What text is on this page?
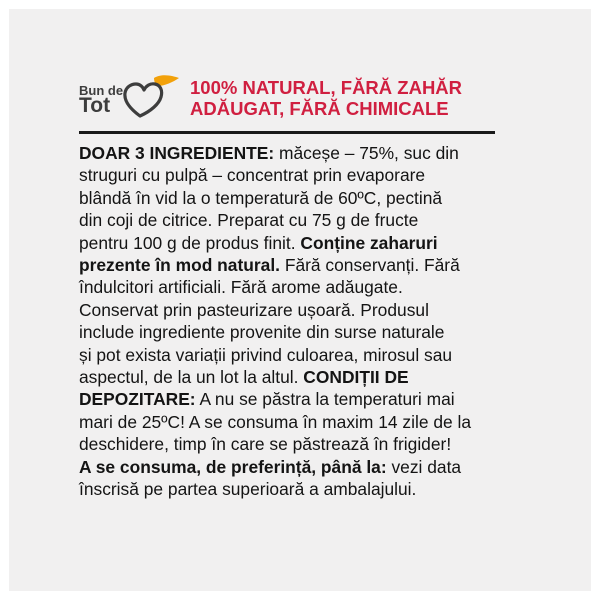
Bun de
Tot
100% NATURAL, FĂRĂ ZAHĂR
ADĂUGAT, FĂRĂ CHIMICALE
DOAR 3 INGREDIENTE: măceșe – 75%, suc din
struguri cu pulpă – concentrat prin evaporare
blândă în vid la o temperatură de 60ºC, pectină
din coji de citrice. Preparat cu 75 g de fructe
pentru 100 g de produs finit. Conține zaharuri
prezente în mod natural. Fără conservanți. Fără
îndulcitori artificiali. Fără arome adăugate.
Conservat prin pasteurizare ușoară. Produsul
include ingrediente provenite din surse naturale
și pot exista variații privind culoarea, mirosul sau
aspectul, de la un lot la altul. CONDIȚII DE
DEPOZITARE: A nu se păstra la temperaturi mai
mari de 25ºC! A se consuma în maxim 14 zile de la
deschidere, timp în care se păstrează în frigider!
A se consuma, de preferință, până la: vezi data
înscrisă pe partea superioară a ambalajului.
